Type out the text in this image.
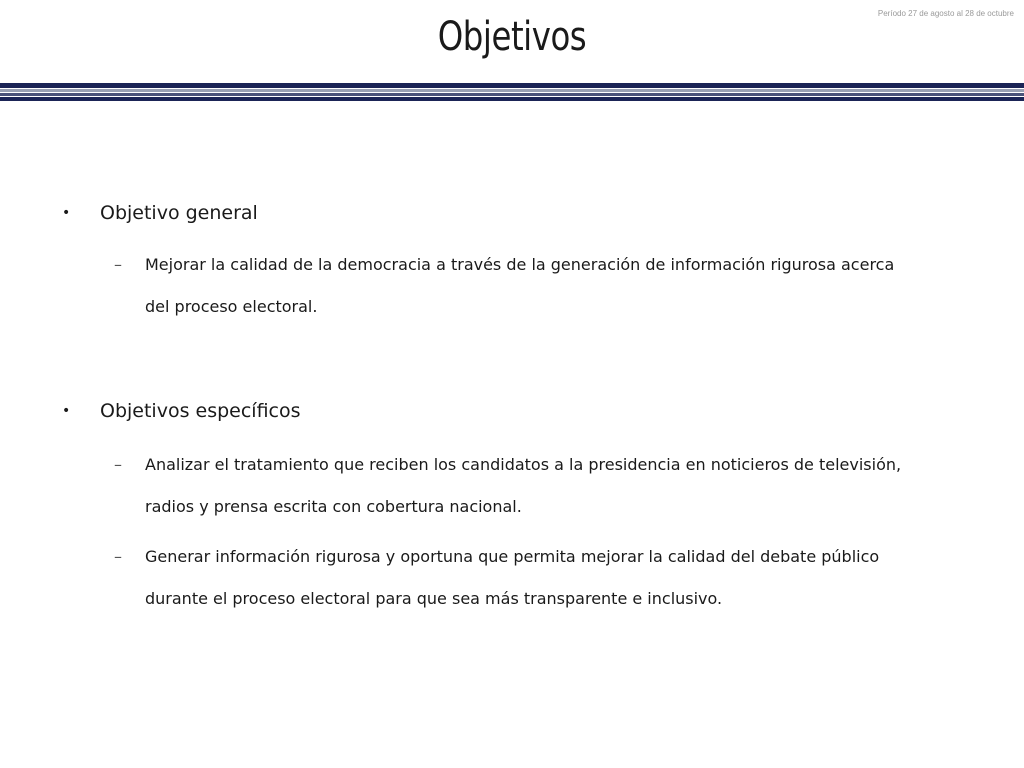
Período 27 de agosto al 28 de octubre
Objetivos
• Objetivo general
– Mejorar la calidad de la democracia a través de la generación de información rigurosa acerca del proceso electoral.
• Objetivos específicos
– Analizar el tratamiento que reciben los candidatos a la presidencia en noticieros de televisión, radios y prensa escrita con cobertura nacional.
– Generar información rigurosa y oportuna que permita mejorar la calidad del debate público durante el proceso electoral para que sea más transparente e inclusivo.
